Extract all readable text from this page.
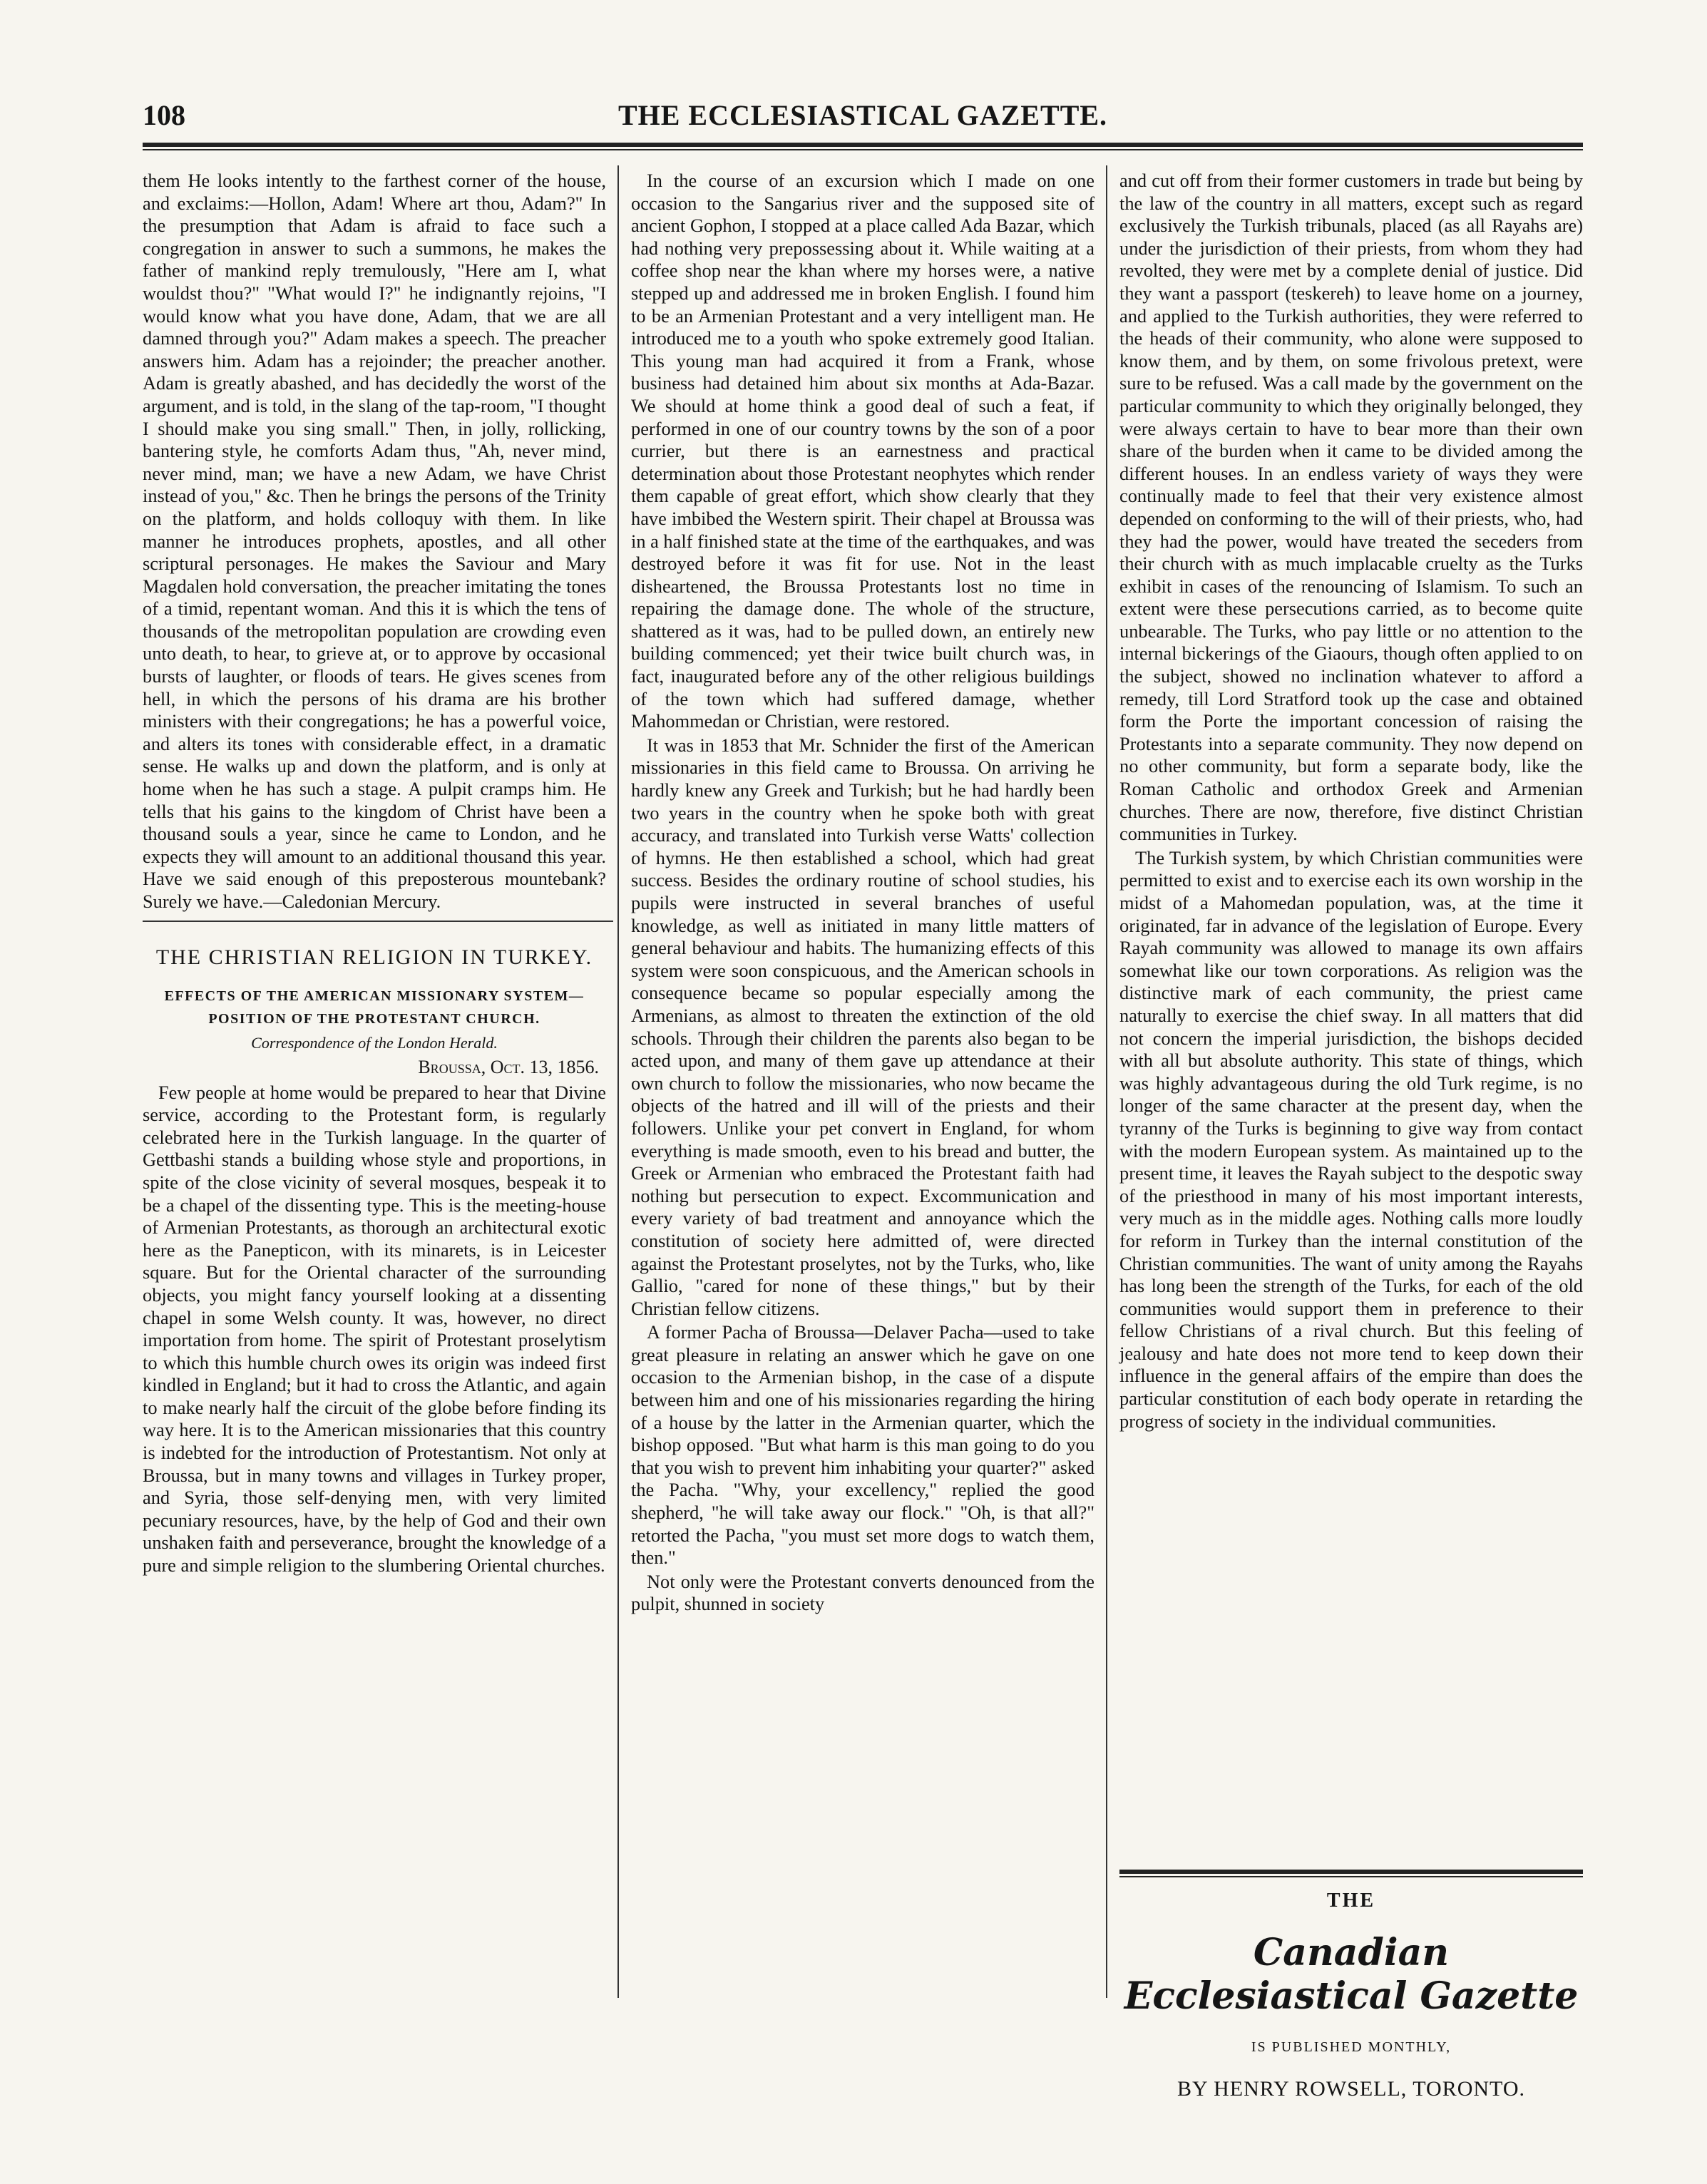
108	THE ECCLESIASTICAL GAZETTE.

them He looks intently to the farthest corner of the house, and exclaims:—Hollon, Adam! Where art thou, Adam?" In the presumption that Adam is afraid to face such a congregation in answer to such a summons, he makes the father of mankind reply tremulously, "Here am I, what wouldst thou?" "What would I?" he indignantly rejoins, "I would know what you have done, Adam, that we are all damned through you?" Adam makes a speech. The preacher answers him. Adam has a rejoinder; the preacher another. Adam is greatly abashed, and has decidedly the worst of the argument, and is told, in the slang of the tap-room, "I thought I should make you sing small." Then, in jolly, rollicking, bantering style, he comforts Adam thus, "Ah, never mind, never mind, man; we have a new Adam, we have Christ instead of you," &c. Then he brings the persons of the Trinity on the platform, and holds colloquy with them. In like manner he introduces prophets, apostles, and all other scriptural personages. He makes the Saviour and Mary Magdalen hold conversation, the preacher imitating the tones of a timid, repentant woman. And this it is which the tens of thousands of the metropolitan population are crowding even unto death, to hear, to grieve at, or to approve by occasional bursts of laughter, or floods of tears. He gives scenes from hell, in which the persons of his drama are his brother ministers with their congregations; he has a powerful voice, and alters its tones with considerable effect, in a dramatic sense. He walks up and down the platform, and is only at home when he has such a stage. A pulpit cramps him. He tells that his gains to the kingdom of Christ have been a thousand souls a year, since he came to London, and he expects they will amount to an additional thousand this year. Have we said enough of this preposterous mountebank? Surely we have.—Caledonian Mercury.

THE CHRISTIAN RELIGION IN TURKEY.
EFFECTS OF THE AMERICAN MISSIONARY SYSTEM—POSITION OF THE PROTESTANT CHURCH.
Correspondence of the London Herald.
Broussa, Oct. 13, 1856.

Few people at home would be prepared to hear that Divine service, according to the Protestant form, is regularly celebrated here in the Turkish language. In the quarter of Gettbashi stands a building whose style and proportions, in spite of the close vicinity of several mosques, bespeak it to be a chapel of the dissenting type. This is the meeting-house of Armenian Protestants, as thorough an architectural exotic here as the Panepticon, with its minarets, is in Leicester square. But for the Oriental character of the surrounding objects, you might fancy yourself looking at a dissenting chapel in some Welsh county. It was, however, no direct importation from home. The spirit of Protestant proselytism to which this humble church owes its origin was indeed first kindled in England; but it had to cross the Atlantic, and again to make nearly half the circuit of the globe before finding its way here. It is to the American missionaries that this country is indebted for the introduction of Protestantism. Not only at Broussa, but in many towns and villages in Turkey proper, and Syria, those self-denying men, with very limited pecuniary resources, have, by the help of God and their own unshaken faith and perseverance, brought the knowledge of a pure and simple religion to the slumbering Oriental churches.

In the course of an excursion which I made on one occasion to the Sangarius river and the supposed site of ancient Gophon, I stopped at a place called Ada Bazar, which had nothing very prepossessing about it. While waiting at a coffee shop near the khan where my horses were, a native stepped up and addressed me in broken English. I found him to be an Armenian Protestant and a very intelligent man. He introduced me to a youth who spoke extremely good Italian. This young man had acquired it from a Frank, whose business had detained him about six months at Ada-Bazar. We should at home think a good deal of such a feat, if performed in one of our country towns by the son of a poor currier, but there is an earnestness and practical determination about those Protestant neophytes which render them capable of great effort, which show clearly that they have imbibed the Western spirit. Their chapel at Broussa was in a half finished state at the time of the earthquakes, and was destroyed before it was fit for use. Not in the least disheartened, the Broussa Protestants lost no time in repairing the damage done. The whole of the structure, shattered as it was, had to be pulled down, an entirely new building commenced; yet their twice built church was, in fact, inaugurated before any of the other religious buildings of the town which had suffered damage, whether Mahommedan or Christian, were restored.

It was in 1853 that Mr. Schnider the first of the American missionaries in this field came to Broussa. On arriving he hardly knew any Greek and Turkish; but he had hardly been two years in the country when he spoke both with great accuracy, and translated into Turkish verse Watts' collection of hymns. He then established a school, which had great success. Besides the ordinary routine of school studies, his pupils were instructed in several branches of useful knowledge, as well as initiated in many little matters of general behaviour and habits. The humanizing effects of this system were soon conspicuous, and the American schools in consequence became so popular especially among the Armenians, as almost to threaten the extinction of the old schools. Through their children the parents also began to be acted upon, and many of them gave up attendance at their own church to follow the missionaries, who now became the objects of the hatred and ill will of the priests and their followers. Unlike your pet convert in England, for whom everything is made smooth, even to his bread and butter, the Greek or Armenian who embraced the Protestant faith had nothing but persecution to expect. Excommunication and every variety of bad treatment and annoyance which the constitution of society here admitted of, were directed against the Protestant proselytes, not by the Turks, who, like Gallio, "cared for none of these things," but by their Christian fellow citizens.

A former Pacha of Broussa—Delaver Pacha—used to take great pleasure in relating an answer which he gave on one occasion to the Armenian bishop, in the case of a dispute between him and one of his missionaries regarding the hiring of a house by the latter in the Armenian quarter, which the bishop opposed. "But what harm is this man going to do you that you wish to prevent him inhabiting your quarter?" asked the Pacha. "Why, your excellency," replied the good shepherd, "he will take away our flock." "Oh, is that all?" retorted the Pacha, "you must set more dogs to watch them, then."

Not only were the Protestant converts denounced from the pulpit, shunned in society

and cut off from their former customers in trade but being by the law of the country in all matters, except such as regard exclusively the Turkish tribunals, placed (as all Rayahs are) under the jurisdiction of their priests, from whom they had revolted, they were met by a complete denial of justice. Did they want a passport (teskereh) to leave home on a journey, and applied to the Turkish authorities, they were referred to the heads of their community, who alone were supposed to know them, and by them, on some frivolous pretext, were sure to be refused. Was a call made by the government on the particular community to which they originally belonged, they were always certain to have to bear more than their own share of the burden when it came to be divided among the different houses. In an endless variety of ways they were continually made to feel that their very existence almost depended on conforming to the will of their priests, who, had they had the power, would have treated the seceders from their church with as much implacable cruelty as the Turks exhibit in cases of the renouncing of Islamism. To such an extent were these persecutions carried, as to become quite unbearable. The Turks, who pay little or no attention to the internal bickerings of the Giaours, though often applied to on the subject, showed no inclination whatever to afford a remedy, till Lord Stratford took up the case and obtained form the Porte the important concession of raising the Protestants into a separate community. They now depend on no other community, but form a separate body, like the Roman Catholic and orthodox Greek and Armenian churches. There are now, therefore, five distinct Christian communities in Turkey.

The Turkish system, by which Christian communities were permitted to exist and to exercise each its own worship in the midst of a Mahomedan population, was, at the time it originated, far in advance of the legislation of Europe. Every Rayah community was allowed to manage its own affairs somewhat like our town corporations. As religion was the distinctive mark of each community, the priest came naturally to exercise the chief sway. In all matters that did not concern the imperial jurisdiction, the bishops decided with all but absolute authority. This state of things, which was highly advantageous during the old Turk regime, is no longer of the same character at the present day, when the tyranny of the Turks is beginning to give way from contact with the modern European system. As maintained up to the present time, it leaves the Rayah subject to the despotic sway of the priesthood in many of his most important interests, very much as in the middle ages. Nothing calls more loudly for reform in Turkey than the internal constitution of the Christian communities. The want of unity among the Rayahs has long been the strength of the Turks, for each of the old communities would support them in preference to their fellow Christians of a rival church. But this feeling of jealousy and hate does not more tend to keep down their influence in the general affairs of the empire than does the particular constitution of each body operate in retarding the progress of society in the individual communities.

THE
Canadian Ecclesiastical Gazette
IS PUBLISHED MONTHLY,
BY HENRY ROWSELL, TORONTO.
